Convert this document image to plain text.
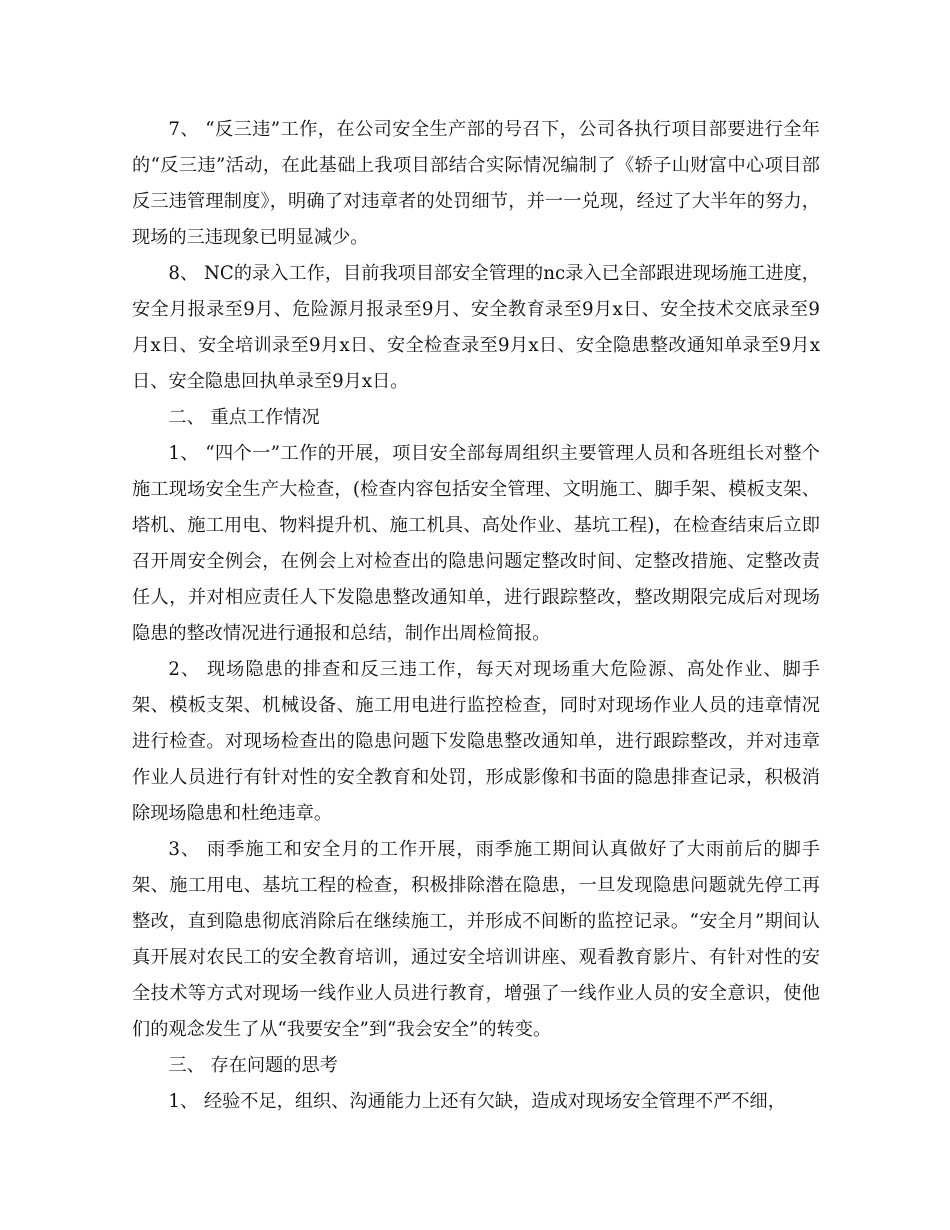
7、 “反三违”工作，在公司安全生产部的号召下，公司各执行项目部要进行全年的“反三违”活动，在此基础上我项目部结合实际情况编制了《轿子山财富中心项目部反三违管理制度》，明确了对违章者的处罚细节，并一一兑现，经过了大半年的努力，现场的三违现象已明显减少。

8、 NC的录入工作，目前我项目部安全管理的nc录入已全部跟进现场施工进度，安全月报录至9月、危险源月报录至9月、安全教育录至9月x日、安全技术交底录至9月x日、安全培训录至9月x日、安全检查录至9月x日、安全隐患整改通知单录至9月x日、安全隐患回执单录至9月x日。

二、 重点工作情况

1、 “四个一”工作的开展，项目安全部每周组织主要管理人员和各班组长对整个施工现场安全生产大检查，(检查内容包括安全管理、文明施工、脚手架、模板支架、塔机、施工用电、物料提升机、施工机具、高处作业、基坑工程)，在检查结束后立即召开周安全例会，在例会上对检查出的隐患问题定整改时间、定整改措施、定整改责任人，并对相应责任人下发隐患整改通知单，进行跟踪整改，整改期限完成后对现场隐患的整改情况进行通报和总结，制作出周检简报。

2、 现场隐患的排查和反三违工作，每天对现场重大危险源、高处作业、脚手架、模板支架、机械设备、施工用电进行监控检查，同时对现场作业人员的违章情况进行检查。对现场检查出的隐患问题下发隐患整改通知单，进行跟踪整改，并对违章作业人员进行有针对性的安全教育和处罚，形成影像和书面的隐患排查记录，积极消除现场隐患和杜绝违章。

3、 雨季施工和安全月的工作开展，雨季施工期间认真做好了大雨前后的脚手架、施工用电、基坑工程的检查，积极排除潜在隐患，一旦发现隐患问题就先停工再整改，直到隐患彻底消除后在继续施工，并形成不间断的监控记录。“安全月”期间认真开展对农民工的安全教育培训，通过安全培训讲座、观看教育影片、有针对性的安全技术等方式对现场一线作业人员进行教育，增强了一线作业人员的安全意识，使他们的观念发生了从“我要安全”到“我会安全”的转变。

三、 存在问题的思考

1、 经验不足，组织、沟通能力上还有欠缺，造成对现场安全管理不严不细，
